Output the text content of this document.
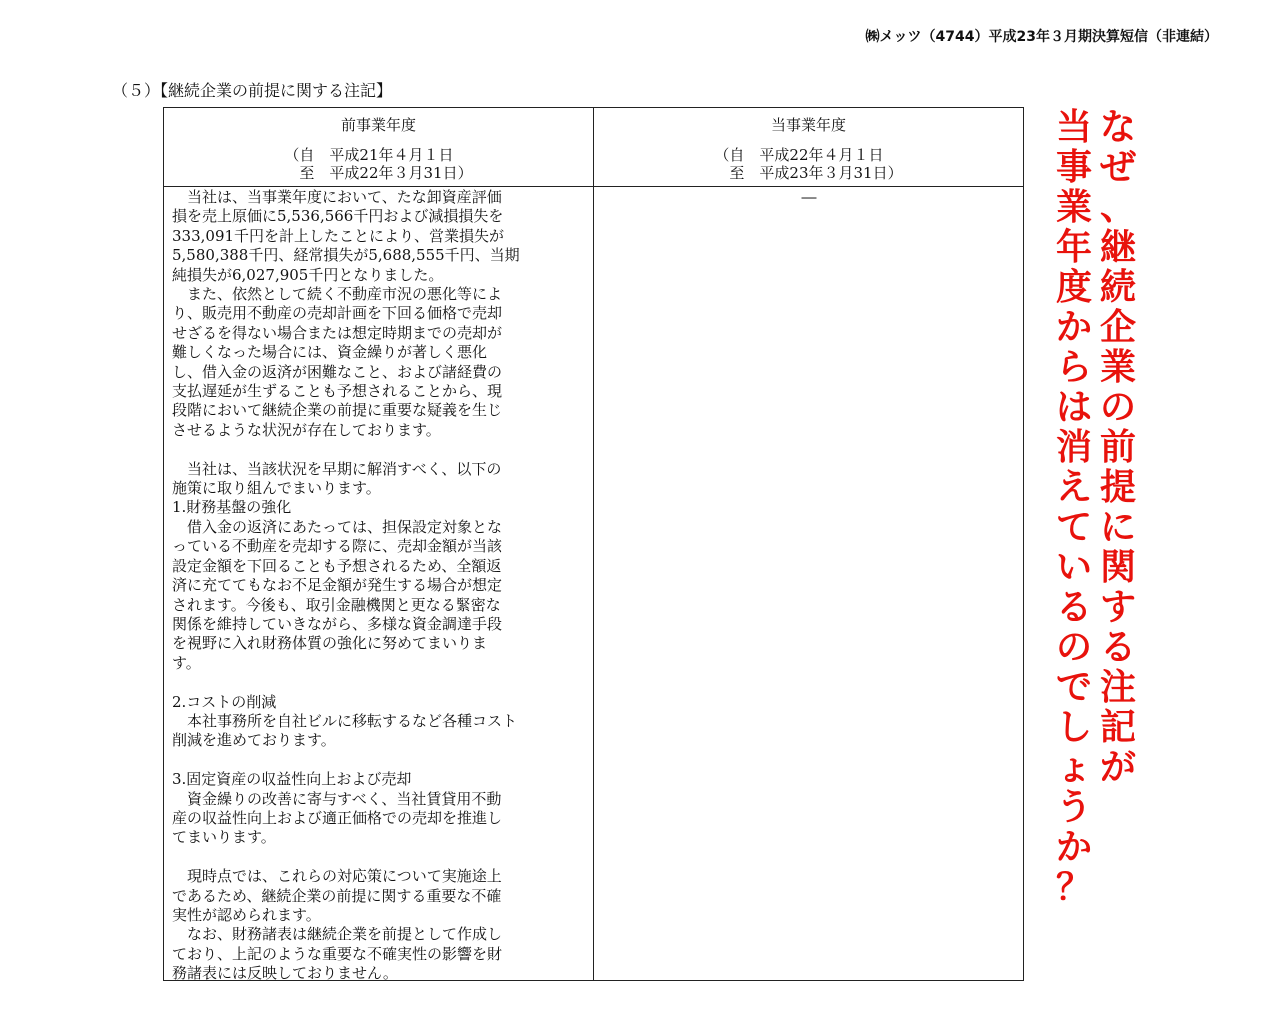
㈱メッツ（4744）平成23年３月期決算短信（非連結）
（５）【継続企業の前提に関する注記】
前事業年度
（自　平成21年４月１日
　至　平成22年３月31日）
当事業年度
（自　平成22年４月１日
　至　平成23年３月31日）

　当社は、当事業年度において、たな卸資産評価

損を売上原価に5,536,566千円および減損損失を

333,091千円を計上したことにより、営業損失が

5,580,388千円、経常損失が5,688,555千円、当期

純損失が6,027,905千円となりました。

　また、依然として続く不動産市況の悪化等によ

り、販売用不動産の売却計画を下回る価格で売却

せざるを得ない場合または想定時期までの売却が

難しくなった場合には、資金繰りが著しく悪化

し、借入金の返済が困難なこと、および諸経費の

支払遅延が生ずることも予想されることから、現

段階において継続企業の前提に重要な疑義を生じ

させるような状況が存在しております。

　当社は、当該状況を早期に解消すべく、以下の

施策に取り組んでまいります。

1.財務基盤の強化

　借入金の返済にあたっては、担保設定対象とな

っている不動産を売却する際に、売却金額が当該

設定金額を下回ることも予想されるため、全額返

済に充ててもなお不足金額が発生する場合が想定

されます。今後も、取引金融機関と更なる緊密な

関係を維持していきながら、多様な資金調達手段

を視野に入れ財務体質の強化に努めてまいりま

す。

2.コストの削減

　本社事務所を自社ビルに移転するなど各種コスト

削減を進めております。

3.固定資産の収益性向上および売却

　資金繰りの改善に寄与すべく、当社賃貸用不動

産の収益性向上および適正価格での売却を推進し

てまいります。

　現時点では、これらの対応策について実施途上

であるため、継続企業の前提に関する重要な不確

実性が認められます。

　なお、財務諸表は継続企業を前提として作成し

ており、上記のような重要な不確実性の影響を財

務諸表には反映しておりません。

―
な
ぜ
、
継
続
企
業
の
前
提
に
関
す
る
注
記
が
当
事
業
年
度
か
ら
は
消
え
て
い
る
の
で
し
ょ
う
か
？
